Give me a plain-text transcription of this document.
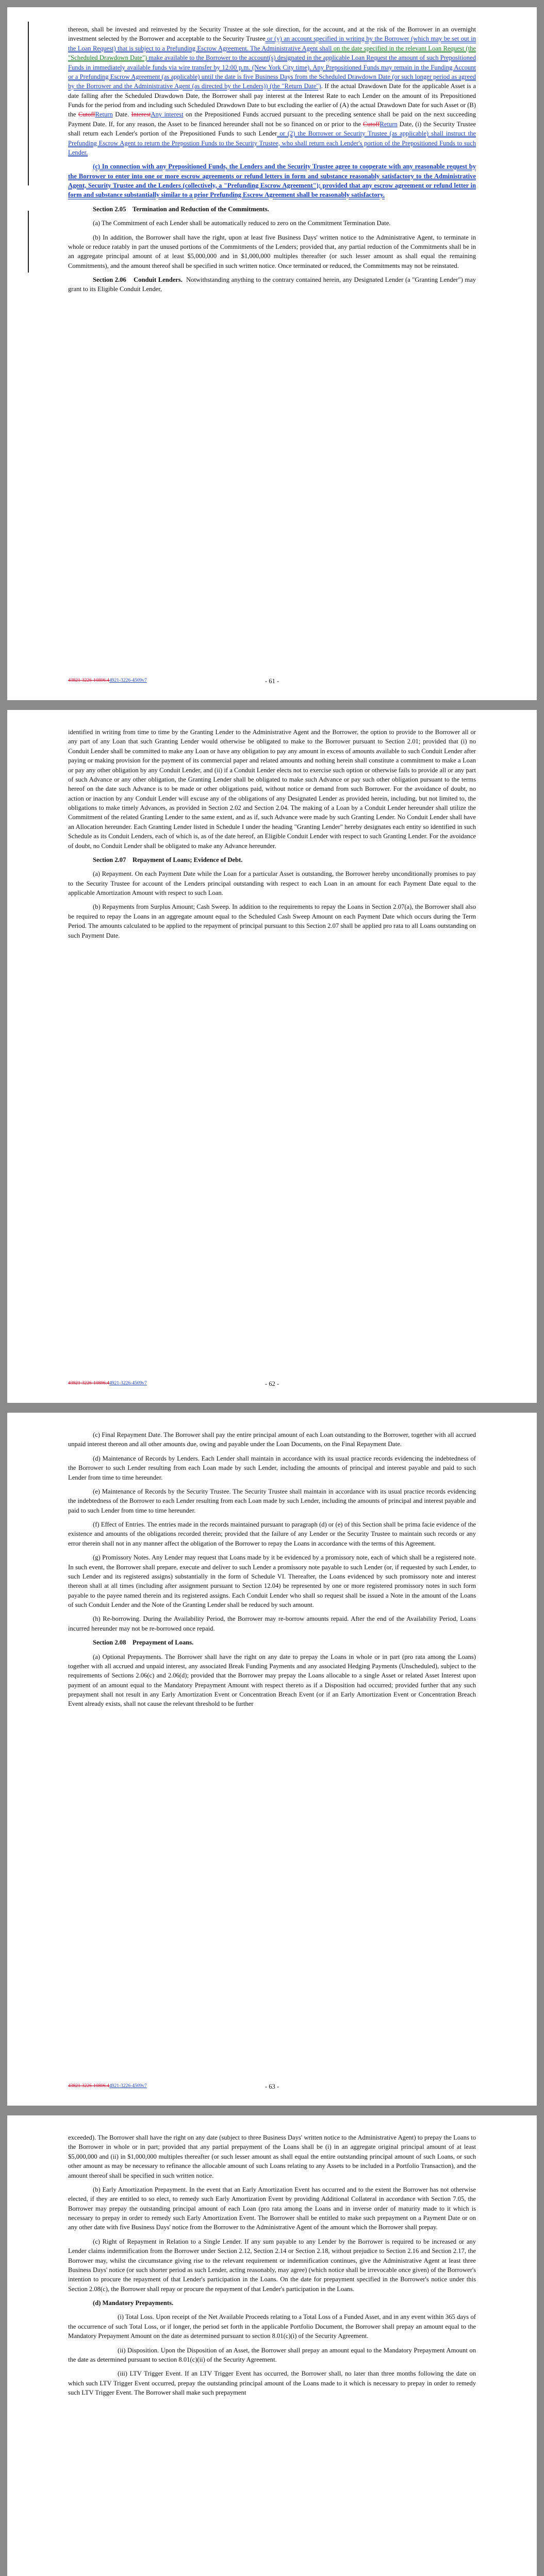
thereon, shall be invested and reinvested by the Security Trustee at the sole direction, for the account, and at the risk of the Borrower in an overnight investment selected by the Borrower and acceptable to the Security Trustee or (y) an account specified in writing by the Borrower (which may be set out in the Loan Request) that is subject to a Prefunding Escrow Agreement. The Administrative Agent shall on the date specified in the relevant Loan Request (the "Scheduled Drawdown Date") make available to the Borrower to the account(s) designated in the applicable Loan Request the amount of such Prepositioned Funds in immediately available funds via wire transfer by 12:00 p.m. (New York City time). Any Prepositioned Funds may remain in the Funding Account or a Prefunding Escrow Agreement (as applicable) until the date is five Business Days from the Scheduled Drawdown Date (or such longer period as agreed by the Borrower and the Administrative Agent (as directed by the Lenders)) (the "Return Date"). If the actual Drawdown Date for the applicable Asset is a date falling after the Scheduled Drawdown Date, the Borrower shall pay interest at the Interest Rate to each Lender on the amount of its Prepositioned Funds for the period from and including such Scheduled Drawdown Date to but excluding the earlier of (A) the actual Drawdown Date for such Asset or (B) the CutoffReturn Date. InterestAny interest on the Prepositioned Funds accrued pursuant to the preceding sentence shall be paid on the next succeeding Payment Date. If, for any reason, the Asset to be financed hereunder shall not be so financed on or prior to the CutoffReturn Date, (i) the Security Trustee shall return each Lender's portion of the Prepositioned Funds to such Lender or (2) the Borrower or Security Trustee (as applicable) shall instruct the Prefunding Escrow Agent to return the Prepostion Funds to the Security Trustee, who shall return each Lender's portion of the Prepositioned Funds to such Lender.

(c) In connection with any Prepositioned Funds, the Lenders and the Security Trustee agree to cooperate with any reasonable request by the Borrower to enter into one or more escrow agreements or refund letters in form and substance reasonably satisfactory to the Administrative Agent, Security Trustee and the Lenders (collectively, a "Prefunding Escrow Agreement"); provided that any escrow agreement or refund letter in form and substance substantially similar to a prior Prefunding Escrow Agreement shall be reasonably satisfactory.

Section 2.05 Termination and Reduction of the Commitments.

(a) The Commitment of each Lender shall be automatically reduced to zero on the Commitment Termination Date.

(b) In addition, the Borrower shall have the right, upon at least five Business Days' written notice to the Administrative Agent, to terminate in whole or reduce ratably in part the unused portions of the Commitments of the Lenders; provided that, any partial reduction of the Commitments shall be in an aggregate principal amount of at least $5,000,000 and in $1,000,000 multiples thereafter (or such lesser amount as shall equal the remaining Commitments), and the amount thereof shall be specified in such written notice. Once terminated or reduced, the Commitments may not be reinstated.

Section 2.06 Conduit Lenders. Notwithstanding anything to the contrary contained herein, any Designated Lender (a "Granting Lender") may grant to its Eligible Conduit Lender,

43821-3226-10806.44921-3226-4509v7	- 61 -

identified in writing from time to time by the Granting Lender to the Administrative Agent and the Borrower, the option to provide to the Borrower all or any part of any Loan that such Granting Lender would otherwise be obligated to make to the Borrower pursuant to Section 2.01; provided that (i) no Conduit Lender shall be committed to make any Loan or have any obligation to pay any amount in excess of amounts available to such Conduit Lender after paying or making provision for the payment of its commercial paper and related amounts and nothing herein shall constitute a commitment to make a Loan or pay any other obligation by any Conduit Lender, and (ii) if a Conduit Lender elects not to exercise such option or otherwise fails to provide all or any part of such Advance or any other obligation, the Granting Lender shall be obligated to make such Advance or pay such other obligation pursuant to the terms hereof on the date such Advance is to be made or other obligations paid, without notice or demand from such Borrower. For the avoidance of doubt, no action or inaction by any Conduit Lender will excuse any of the obligations of any Designated Lender as provided herein, including, but not limited to, the obligations to make timely Advances, as provided in Section 2.02 and Section 2.04. The making of a Loan by a Conduit Lender hereunder shall utilize the Commitment of the related Granting Lender to the same extent, and as if, such Advance were made by such Granting Lender. No Conduit Lender shall have an Allocation hereunder. Each Granting Lender listed in Schedule I under the heading "Granting Lender" hereby designates each entity so identified in such Schedule as its Conduit Lenders, each of which is, as of the date hereof, an Eligible Conduit Lender with respect to such Granting Lender. For the avoidance of doubt, no Conduit Lender shall be obligated to make any Advance hereunder.

Section 2.07 Repayment of Loans; Evidence of Debt.

(a) Repayment. On each Payment Date while the Loan for a particular Asset is outstanding, the Borrower hereby unconditionally promises to pay to the Security Trustee for account of the Lenders principal outstanding with respect to each Loan in an amount for each Payment Date equal to the applicable Amortization Amount with respect to such Loan.

(b) Repayments from Surplus Amount; Cash Sweep. In addition to the requirements to repay the Loans in Section 2.07(a), the Borrower shall also be required to repay the Loans in an aggregate amount equal to the Scheduled Cash Sweep Amount on each Payment Date which occurs during the Term Period. The amounts calculated to be applied to the repayment of principal pursuant to this Section 2.07 shall be applied pro rata to all Loans outstanding on such Payment Date.

43821-3226-10806.44921-3226-4509v7	- 62 -

(c) Final Repayment Date. The Borrower shall pay the entire principal amount of each Loan outstanding to the Borrower, together with all accrued unpaid interest thereon and all other amounts due, owing and payable under the Loan Documents, on the Final Repayment Date.

(d) Maintenance of Records by Lenders. Each Lender shall maintain in accordance with its usual practice records evidencing the indebtedness of the Borrower to such Lender resulting from each Loan made by such Lender, including the amounts of principal and interest payable and paid to such Lender from time to time hereunder.

(e) Maintenance of Records by the Security Trustee. The Security Trustee shall maintain in accordance with its usual practice records evidencing the indebtedness of the Borrower to each Lender resulting from each Loan made by such Lender, including the amounts of principal and interest payable and paid to such Lender from time to time hereunder.

(f) Effect of Entries. The entries made in the records maintained pursuant to paragraph (d) or (e) of this Section shall be prima facie evidence of the existence and amounts of the obligations recorded therein; provided that the failure of any Lender or the Security Trustee to maintain such records or any error therein shall not in any manner affect the obligation of the Borrower to repay the Loans in accordance with the terms of this Agreement.

(g) Promissory Notes. Any Lender may request that Loans made by it be evidenced by a promissory note, each of which shall be a registered note. In such event, the Borrower shall prepare, execute and deliver to such Lender a promissory note payable to such Lender (or, if requested by such Lender, to such Lender and its registered assigns) substantially in the form of Schedule VI. Thereafter, the Loans evidenced by such promissory note and interest thereon shall at all times (including after assignment pursuant to Section 12.04) be represented by one or more registered promissory notes in such form payable to the payee named therein and its registered assigns. Each Conduit Lender who shall so request shall be issued a Note in the amount of the Loans of such Conduit Lender and the Note of the Granting Lender shall be reduced by such amount.

(h) Re-borrowing. During the Availability Period, the Borrower may re-borrow amounts repaid. After the end of the Availability Period, Loans incurred hereunder may not be re-borrowed once repaid.

Section 2.08 Prepayment of Loans.

(a) Optional Prepayments. The Borrower shall have the right on any date to prepay the Loans in whole or in part (pro rata among the Loans) together with all accrued and unpaid interest, any associated Break Funding Payments and any associated Hedging Payments (Unscheduled), subject to the requirements of Sections 2.06(c) and 2.06(d); provided that the Borrower may prepay the Loans allocable to a single Asset or related Asset Interest upon payment of an amount equal to the Mandatory Prepayment Amount with respect thereto as if a Disposition had occurred; provided further that any such prepayment shall not result in any Early Amortization Event or Concentration Breach Event (or if an Early Amortization Event or Concentration Breach Event already exists, shall not cause the relevant threshold to be further

43821-3226-10806.44921-3226-4509v7	- 63 -

exceeded). The Borrower shall have the right on any date (subject to three Business Days' written notice to the Administrative Agent) to prepay the Loans to the Borrower in whole or in part; provided that any partial prepayment of the Loans shall be (i) in an aggregate original principal amount of at least $5,000,000 and (ii) in $1,000,000 multiples thereafter (or such lesser amount as shall equal the entire outstanding principal amount of such Loans, or such other amount as may be necessary to refinance the allocable amount of such Loans relating to any Assets to be included in a Portfolio Transaction), and the amount thereof shall be specified in such written notice.

(b) Early Amortization Prepayment. In the event that an Early Amortization Event has occurred and to the extent the Borrower has not otherwise elected, if they are entitled to so elect, to remedy such Early Amortization Event by providing Additional Collateral in accordance with Section 7.05, the Borrower may prepay the outstanding principal amount of each Loan (pro rata among the Loans and in inverse order of maturity made to it which is necessary to prepay in order to remedy such Early Amortization Event. The Borrower shall be entitled to make such prepayment on a Payment Date or on any other date with five Business Days' notice from the Borrower to the Administrative Agent of the amount which the Borrower shall prepay.

(c) Right of Repayment in Relation to a Single Lender. If any sum payable to any Lender by the Borrower is required to be increased or any Lender claims indemnification from the Borrower under Section 2.12, Section 2.14 or Section 2.18, without prejudice to Section 2.16 and Section 2.17, the Borrower may, whilst the circumstance giving rise to the relevant requirement or indemnification continues, give the Administrative Agent at least three Business Days' notice (or such shorter period as such Lender, acting reasonably, may agree) (which notice shall be irrevocable once given) of the Borrower's intention to procure the repayment of that Lender's participation in the Loans. On the date for prepayment specified in the Borrower's notice under this Section 2.08(c), the Borrower shall repay or procure the repayment of that Lender's participation in the Loans.

(d) Mandatory Prepayments.

(i) Total Loss. Upon receipt of the Net Available Proceeds relating to a Total Loss of a Funded Asset, and in any event within 365 days of the occurrence of such Total Loss, or if longer, the period set forth in the applicable Portfolio Document, the Borrower shall prepay an amount equal to the Mandatory Prepayment Amount on the date as determined pursuant to section 8.01(c)(i) of the Security Agreement.

(ii) Disposition. Upon the Disposition of an Asset, the Borrower shall prepay an amount equal to the Mandatory Prepayment Amount on the date as determined pursuant to section 8.01(c)(ii) of the Security Agreement.

(iii) LTV Trigger Event. If an LTV Trigger Event has occurred, the Borrower shall, no later than three months following the date on which such LTV Trigger Event occurred, prepay the outstanding principal amount of the Loans made to it which is necessary to prepay in order to remedy such LTV Trigger Event. The Borrower shall make such prepayment
